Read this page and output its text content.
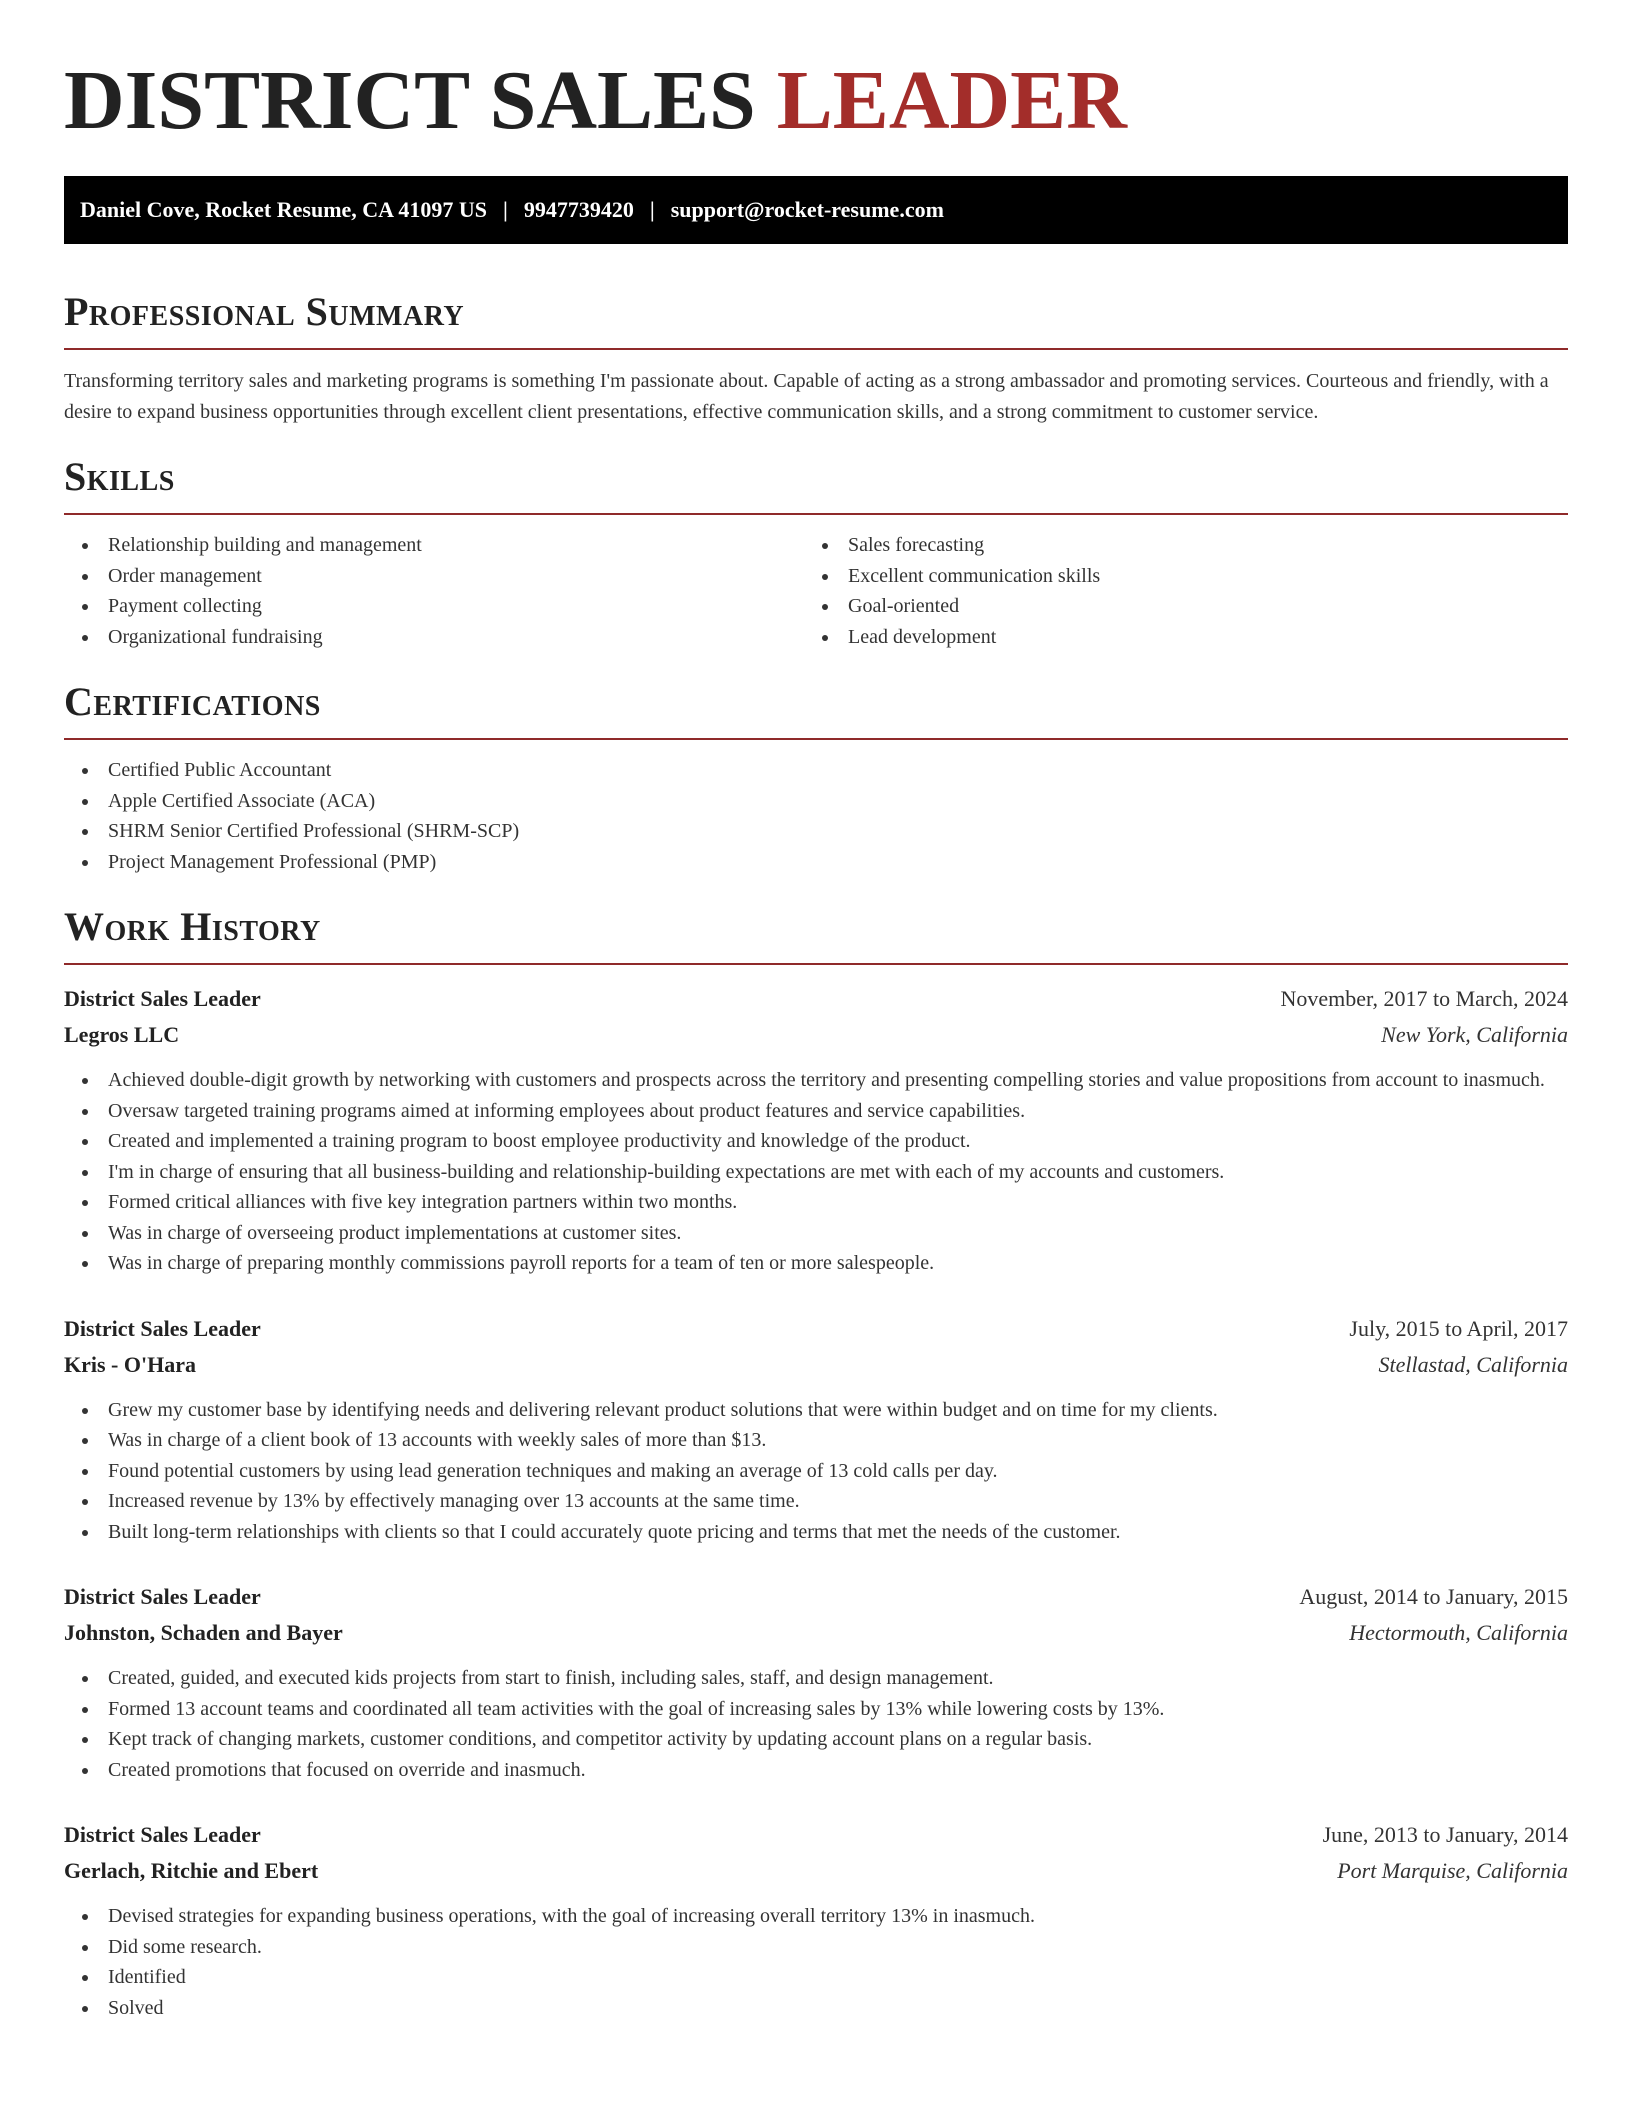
DISTRICT SALES LEADER
Daniel Cove, Rocket Resume, CA 41097 US | 9947739420 | support@rocket-resume.com
Professional Summary

Transforming territory sales and marketing programs is something I'm passionate about. Capable of acting as a strong ambassador and promoting services. Courteous and friendly, with a desire to expand business opportunities through excellent client presentations, effective communication skills, and a strong commitment to customer service.

Skills
Relationship building and management
Order management
Payment collecting
Organizational fundraising
Sales forecasting
Excellent communication skills
Goal-oriented
Lead development
Certifications
Certified Public Accountant
Apple Certified Associate (ACA)
SHRM Senior Certified Professional (SHRM-SCP)
Project Management Professional (PMP)
Work History
District Sales Leader	November, 2017 to March, 2024
Legros LLC	New York, California
Achieved double-digit growth by networking with customers and prospects across the territory and presenting compelling stories and value propositions from account to inasmuch.
Oversaw targeted training programs aimed at informing employees about product features and service capabilities.
Created and implemented a training program to boost employee productivity and knowledge of the product.
I'm in charge of ensuring that all business-building and relationship-building expectations are met with each of my accounts and customers.
Formed critical alliances with five key integration partners within two months.
Was in charge of overseeing product implementations at customer sites.
Was in charge of preparing monthly commissions payroll reports for a team of ten or more salespeople.
District Sales Leader	July, 2015 to April, 2017
Kris - O'Hara	Stellastad, California
Grew my customer base by identifying needs and delivering relevant product solutions that were within budget and on time for my clients.
Was in charge of a client book of 13 accounts with weekly sales of more than $13.
Found potential customers by using lead generation techniques and making an average of 13 cold calls per day.
Increased revenue by 13% by effectively managing over 13 accounts at the same time.
Built long-term relationships with clients so that I could accurately quote pricing and terms that met the needs of the customer.
District Sales Leader	August, 2014 to January, 2015
Johnston, Schaden and Bayer	Hectormouth, California
Created, guided, and executed kids projects from start to finish, including sales, staff, and design management.
Formed 13 account teams and coordinated all team activities with the goal of increasing sales by 13% while lowering costs by 13%.
Kept track of changing markets, customer conditions, and competitor activity by updating account plans on a regular basis.
Created promotions that focused on override and inasmuch.
District Sales Leader	June, 2013 to January, 2014
Gerlach, Ritchie and Ebert	Port Marquise, California
Devised strategies for expanding business operations, with the goal of increasing overall territory 13% in inasmuch.
Did some research.
Identified
Solved
